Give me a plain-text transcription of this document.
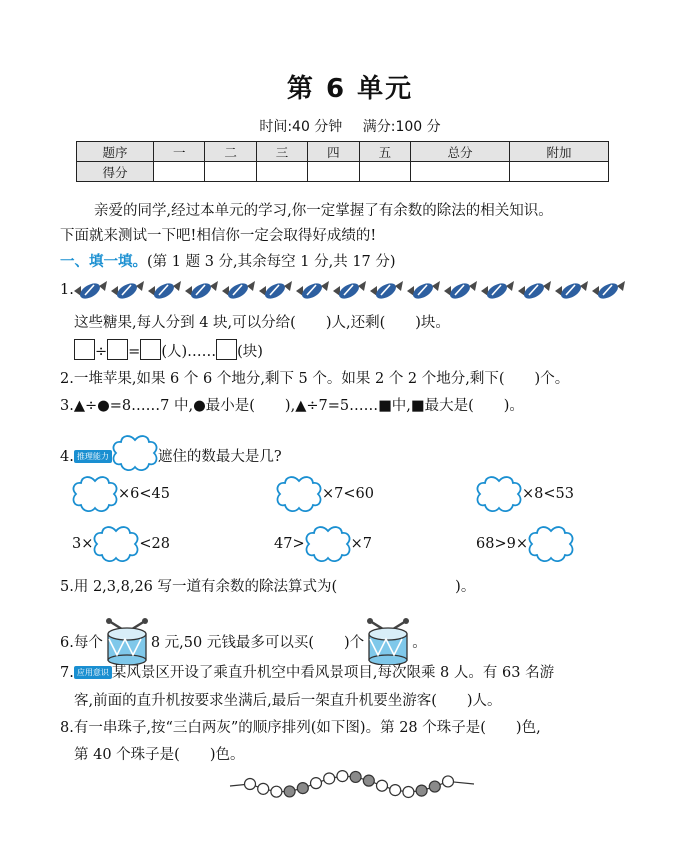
第 6 单元
时间:40 分钟 满分:100 分
题序	一	二	三	四	五	总分	附加
得分							
亲爱的同学,经过本单元的学习,你一定掌握了有余数的除法的相关知识。
下面就来测试一下吧!相信你一定会取得好成绩的!
一、填一填。(第 1 题 3 分,其余每空 1 分,共 17 分)
1.
这些糖果,每人分到 4 块,可以分给( )人,还剩( )块。
÷ = (人)…… (块)
2.一堆苹果,如果 6 个 6 个地分,剩下 5 个。如果 2 个 2 个地分,剩下( )个。
3.▲÷●=8……7 中,●最小是( ),▲÷7=5……■中,■最大是( )。
4. 推理能力	遮住的数最大是几?
×6<45	×7<60	×8<53
3×	<28	47>	×7	68>9×
5.用 2,3,8,26 写一道有余数的除法算式为(	)。
6.每个	8 元,50 元钱最多可以买( )个	。
7. 应用意识 某风景区开设了乘直升机空中看风景项目,每次限乘 8 人。有 63 名游
客,前面的直升机按要求坐满后,最后一架直升机要坐游客( )人。
8.有一串珠子,按“三白两灰”的顺序排列(如下图)。第 28 个珠子是( )色,
第 40 个珠子是( )色。
